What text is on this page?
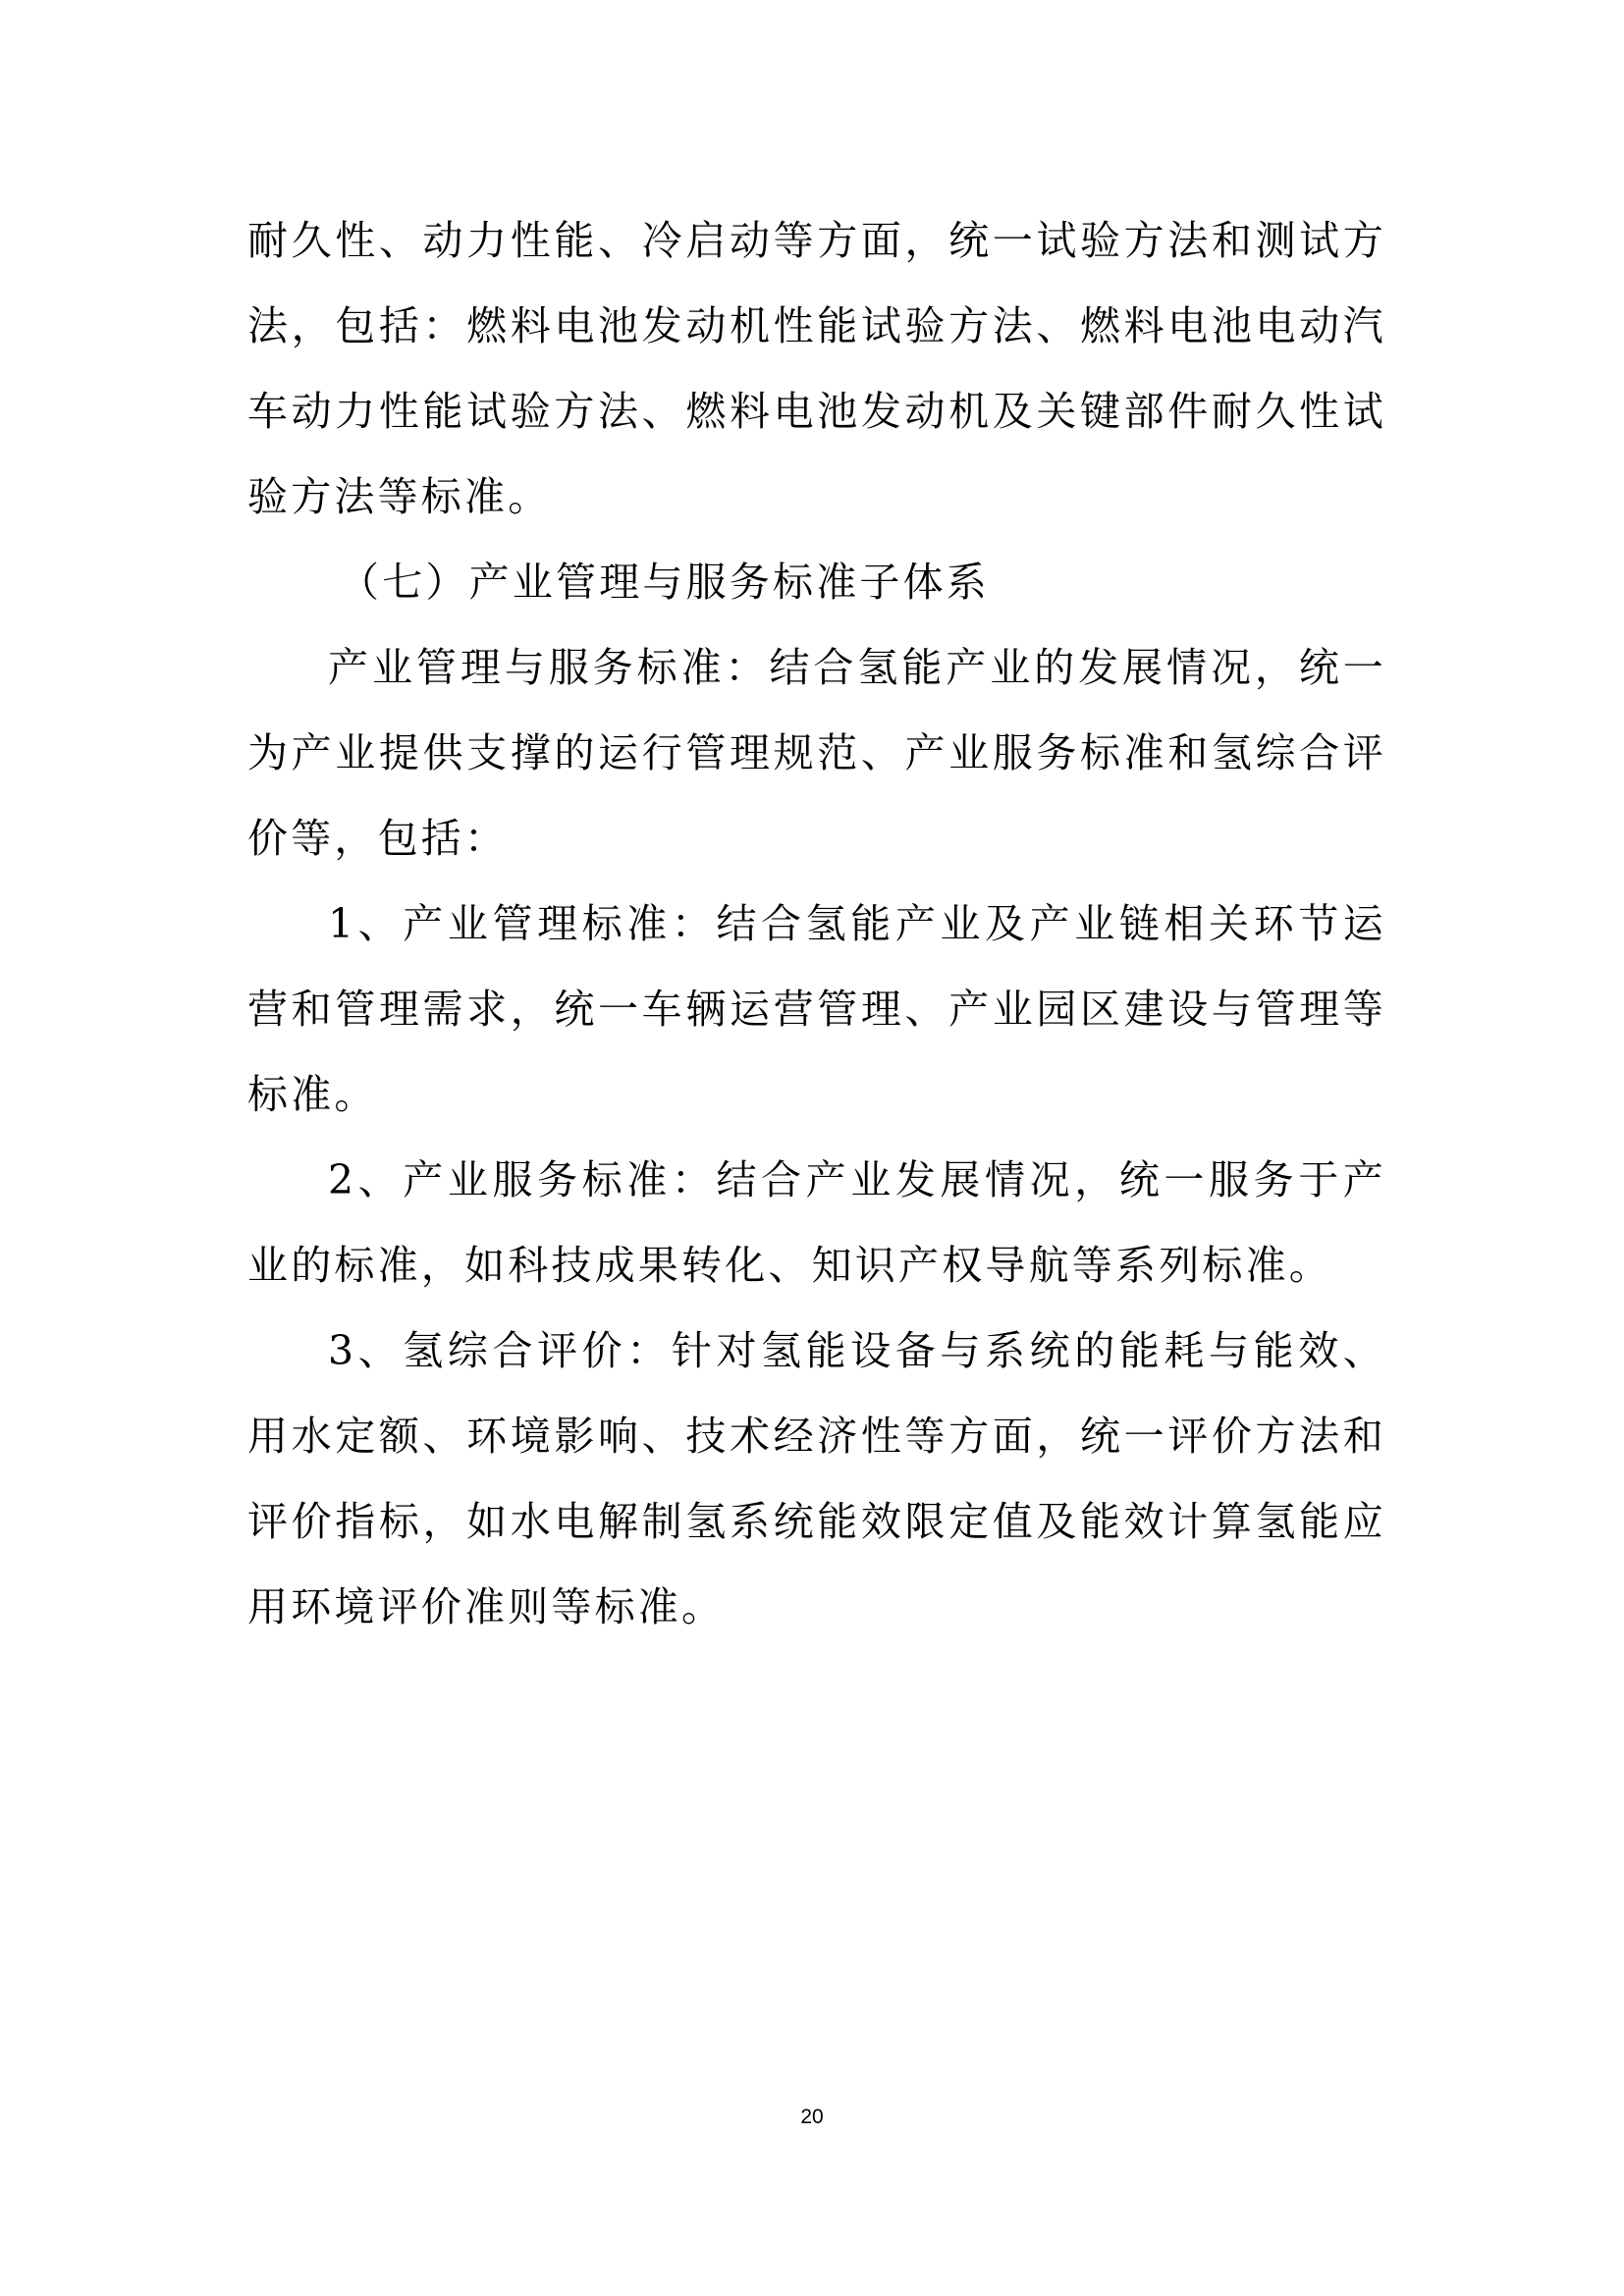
耐久性、动力性能、冷启动等方面，统一试验方法和测试方法，包括：燃料电池发动机性能试验方法、燃料电池电动汽车动力性能试验方法、燃料电池发动机及关键部件耐久性试验方法等标准。
（七）产业管理与服务标准子体系
产业管理与服务标准：结合氢能产业的发展情况，统一为产业提供支撑的运行管理规范、产业服务标准和氢综合评价等，包括：
1、产业管理标准：结合氢能产业及产业链相关环节运营和管理需求，统一车辆运营管理、产业园区建设与管理等标准。
2、产业服务标准：结合产业发展情况，统一服务于产业的标准，如科技成果转化、知识产权导航等系列标准。
3、氢综合评价：针对氢能设备与系统的能耗与能效、用水定额、环境影响、技术经济性等方面，统一评价方法和评价指标，如水电解制氢系统能效限定值及能效计算氢能应用环境评价准则等标准。
20
